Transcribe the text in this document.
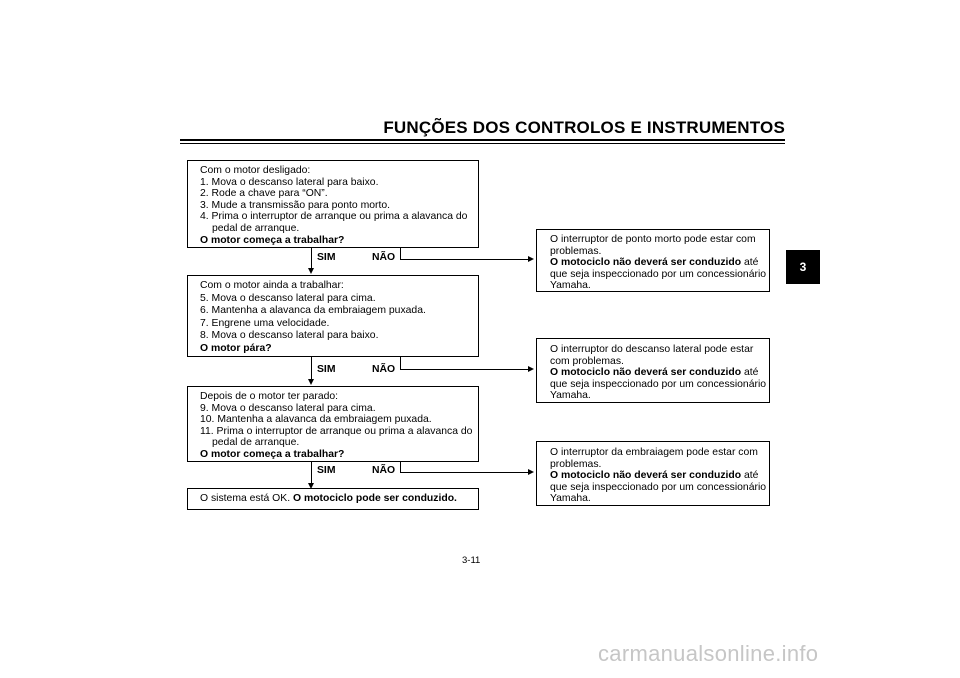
FUNÇÕES DOS CONTROLOS E INSTRUMENTOS
3
Com o motor desligado:
1. Mova o descanso lateral para baixo.
2. Rode a chave para “ON”.
3. Mude a transmissão para ponto morto.
4. Prima o interruptor de arranque ou prima a alavanca do
pedal de arranque.
O motor começa a trabalhar?
SIM	NÃO
O interruptor de ponto morto pode estar com
problemas.
O motociclo não deverá ser conduzido até
que seja inspeccionado por um concessionário
Yamaha.
Com o motor ainda a trabalhar:
5. Mova o descanso lateral para cima.
6. Mantenha a alavanca da embraiagem puxada.
7. Engrene uma velocidade.
8. Mova o descanso lateral para baixo.
O motor pára?
SIM	NÃO
O interruptor do descanso lateral pode estar
com problemas.
O motociclo não deverá ser conduzido até
que seja inspeccionado por um concessionário
Yamaha.
Depois de o motor ter parado:
9. Mova o descanso lateral para cima.
10. Mantenha a alavanca da embraiagem puxada.
11. Prima o interruptor de arranque ou prima a alavanca do
pedal de arranque.
O motor começa a trabalhar?
SIM	NÃO
O interruptor da embraiagem pode estar com
problemas.
O motociclo não deverá ser conduzido até
que seja inspeccionado por um concessionário
Yamaha.
O sistema está OK. O motociclo pode ser conduzido.
3-11
carmanualsonline.info
